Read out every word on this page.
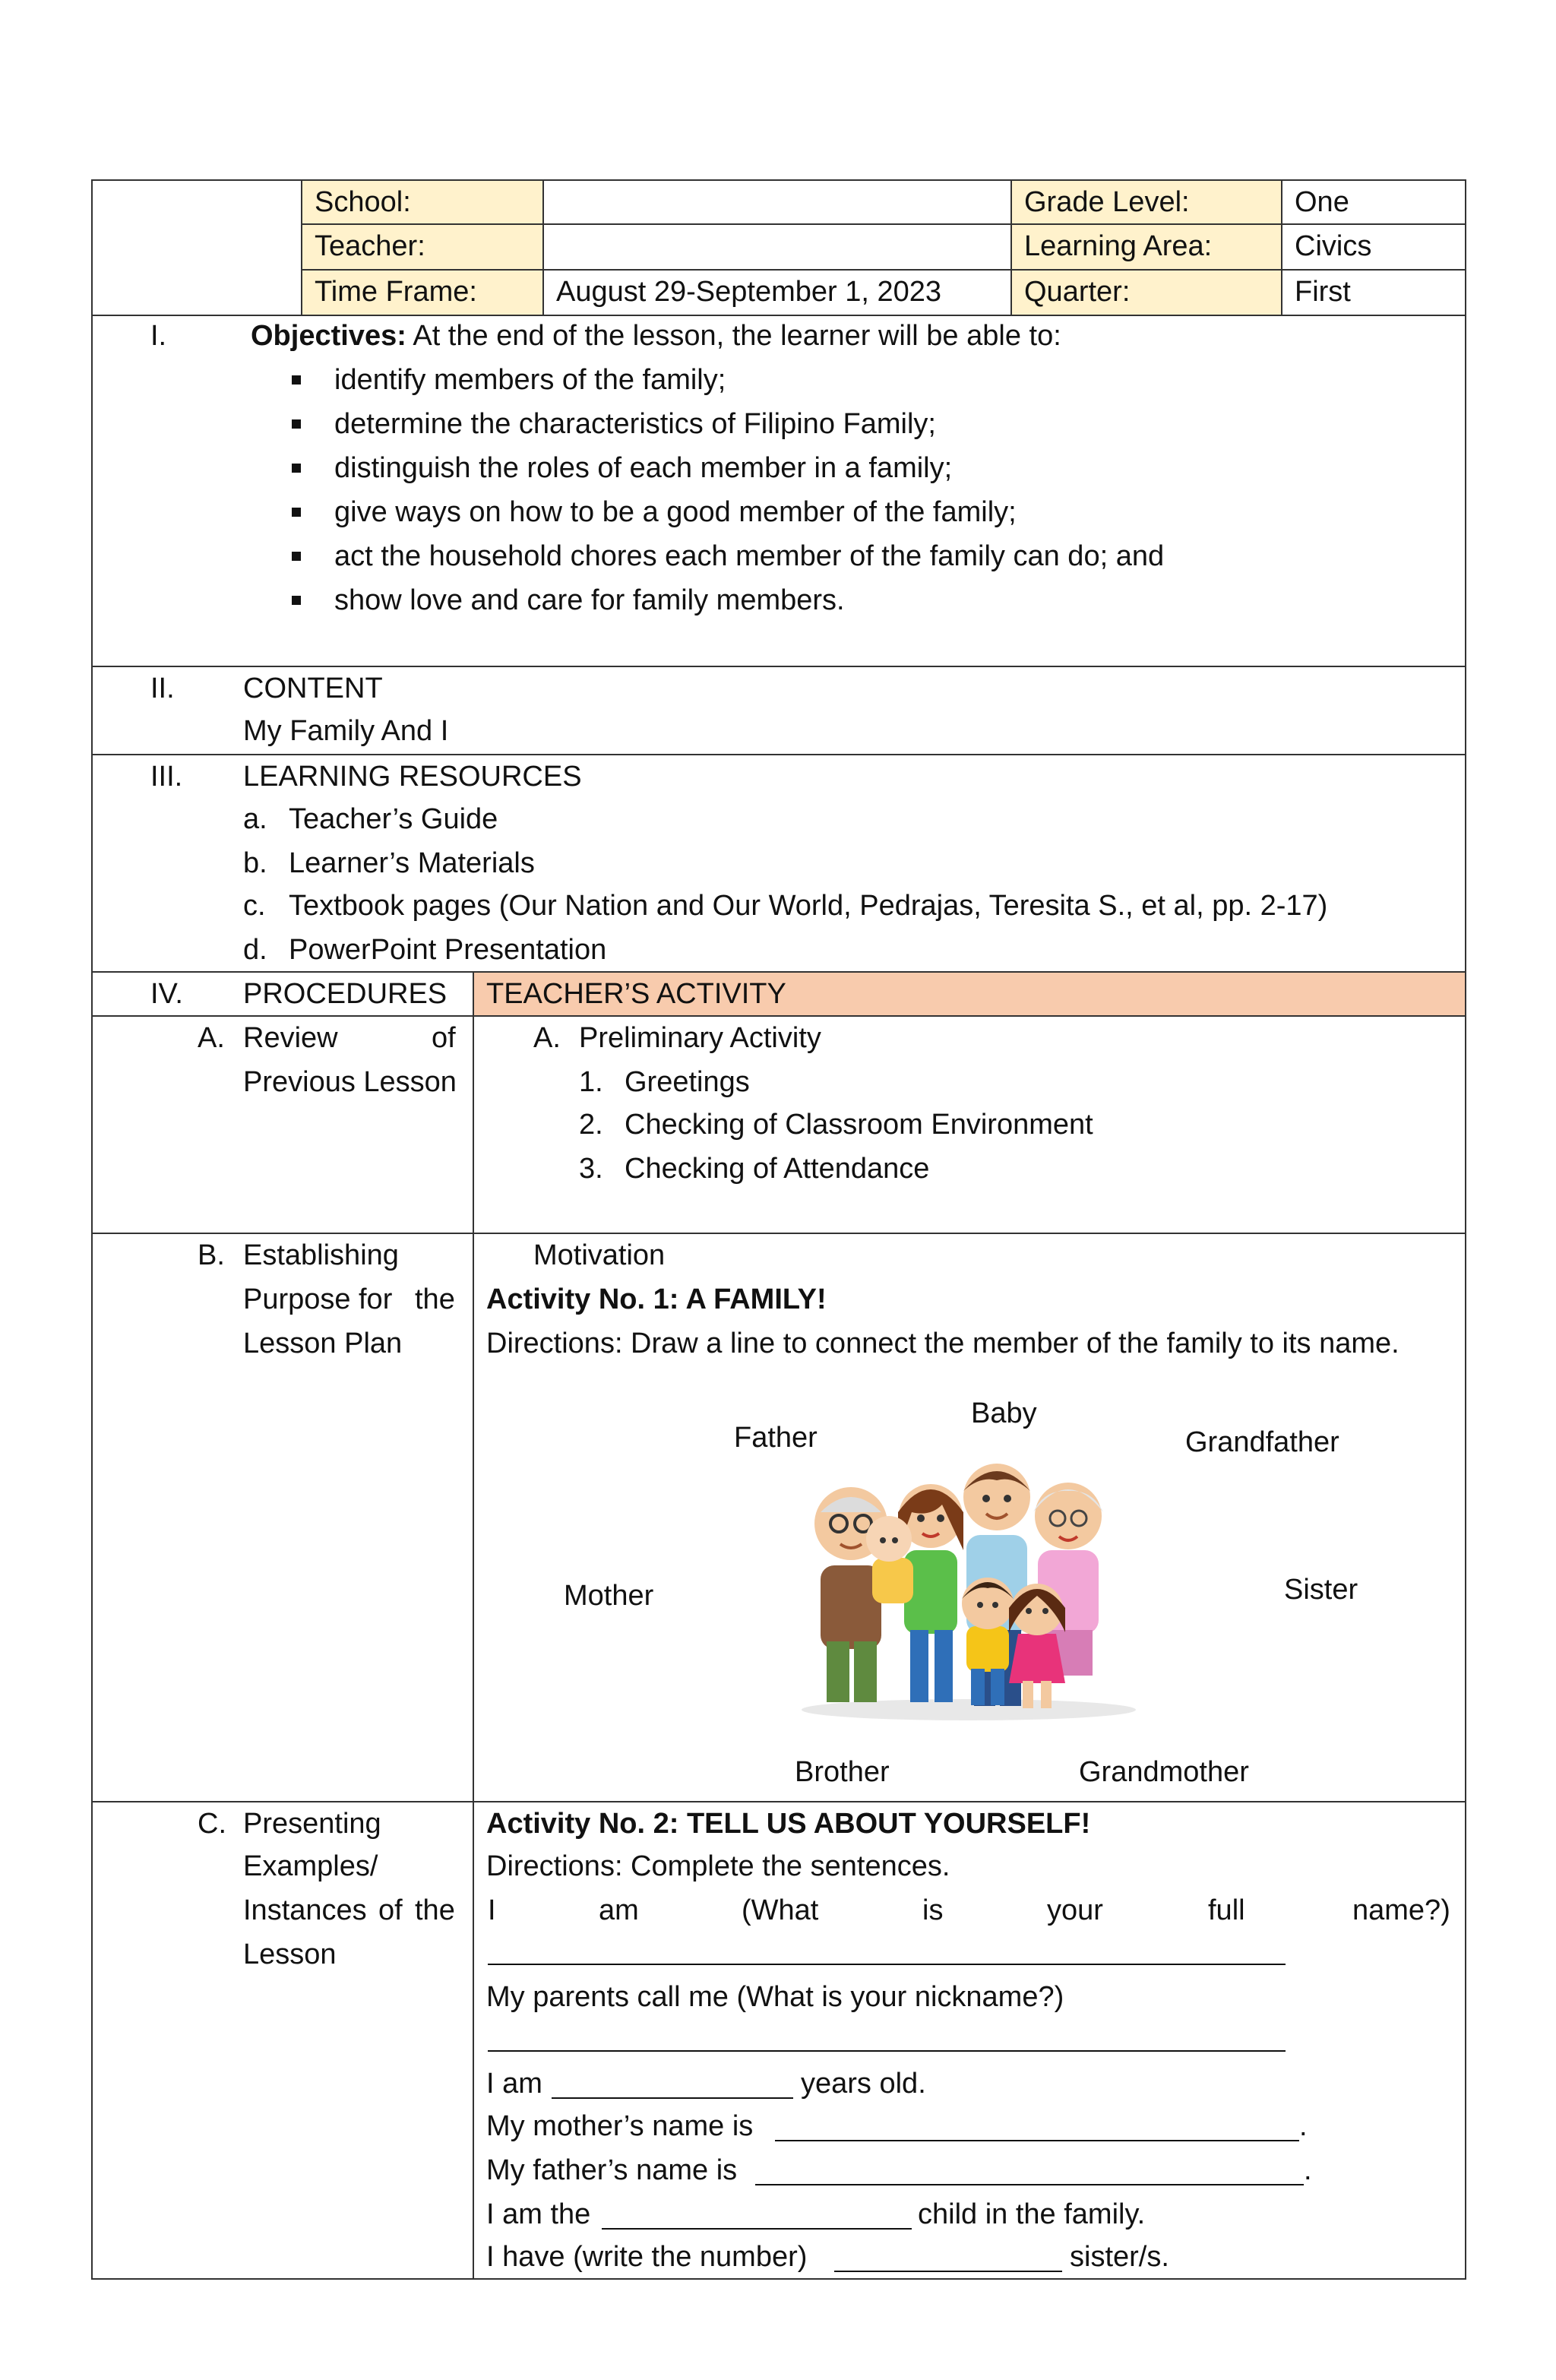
School:	Grade Level:	One
Teacher:	Learning Area:	Civics
Time Frame:	August 29-September 1, 2023	Quarter:	First
I.	Objectives: At the end of the lesson, the learner will be able to:
identify members of the family;
determine the characteristics of Filipino Family;
distinguish the roles of each member in a family;
give ways on how to be a good member of the family;
act the household chores each member of the family can do; and
show love and care for family members.
II. CONTENT
My Family And I
III. LEARNING RESOURCES
a. Teacher’s Guide
b. Learner’s Materials
c. Textbook pages (Our Nation and Our World, Pedrajas, Teresita S., et al, pp. 2-17)
d. PowerPoint Presentation
IV. PROCEDURES TEACHER’S ACTIVITY
A. Review	of
Previous Lesson
A. Preliminary Activity
1. Greetings
2. Checking of Classroom Environment
3. Checking of Attendance
B. Establishing
Purpose for the
Lesson Plan
Motivation
Activity No. 1: A FAMILY!
Directions: Draw a line to connect the member of the family to its name.
Father
Baby
Grandfather
Mother	Sister
Brother	Grandmother
C. Presenting
Examples/
Instances of the
Lesson
Activity No. 2: TELL US ABOUT YOURSELF!
Directions: Complete the sentences.
I	am	(What	is	your	full	name?)
My parents call me (What is your nickname?)
I am	years old.
My mother’s name is	.
My father’s name is	.
I am the	child in the family.
I have (write the number)	sister/s.
